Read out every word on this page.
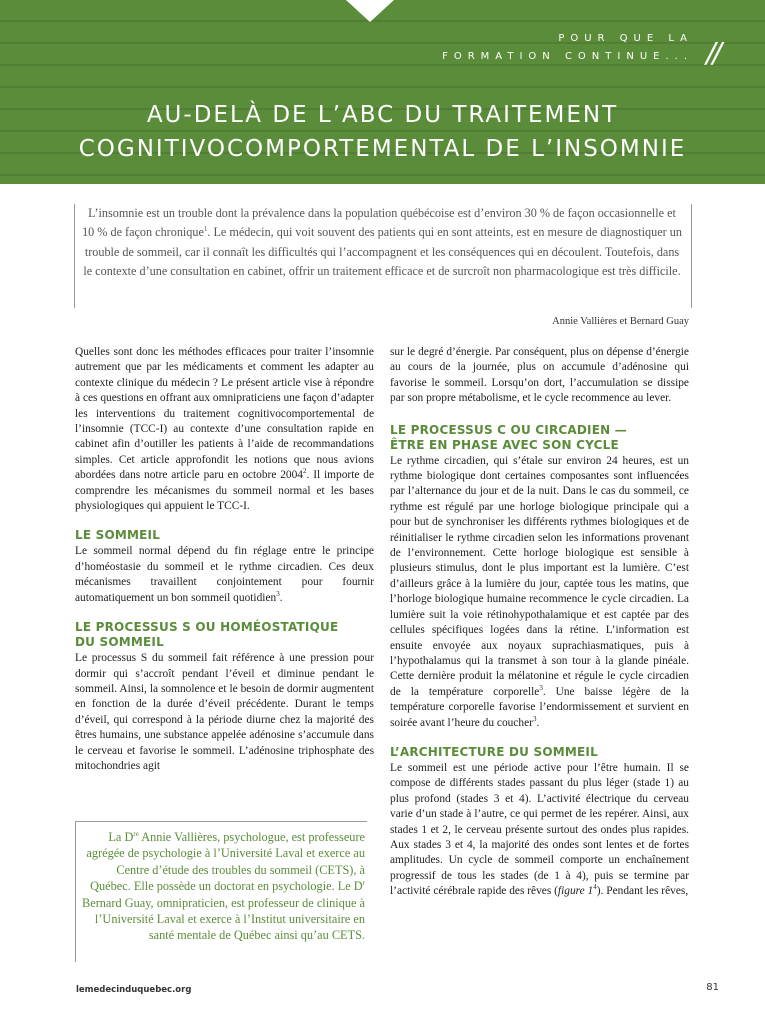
POUR QUE LA
FORMATION CONTINUE... //
AU-DELÀ DE L’ABC DU TRAITEMENT
COGNITIVOCOMPORTEMENTAL DE L’INSOMNIE

L’insomnie est un trouble dont la prévalence dans la population québécoise est d’environ 30 % de façon occasionnelle et 10 % de façon chronique$^1$. Le médecin, qui voit souvent des patients qui en sont atteints, est en mesure de diagnostiquer un trouble de sommeil, car il connaît les difficultés qui l’accompagnent et les conséquences qui en découlent. Toutefois, dans le contexte d’une consultation en cabinet, offrir un traitement efficace et de surcroît non pharmacologique est très difficile.

Annie Vallières et Bernard Guay

Quelles sont donc les méthodes efficaces pour traiter l’insomnie autrement que par les médicaments et comment les adapter au contexte clinique du médecin ? Le présent article vise à répondre à ces questions en offrant aux omnipraticiens une façon d’adapter les interventions du traitement cognitivocomportemental de l’insomnie (TCC-I) au contexte d’une consultation rapide en cabinet afin d’outiller les patients à l’aide de recommandations simples. Cet article approfondit les notions que nous avions abordées dans notre article paru en octobre 2004$^2$. Il importe de comprendre les mécanismes du sommeil normal et les bases physiologiques qui appuient le TCC-I.

LE SOMMEIL

Le sommeil normal dépend du fin réglage entre le principe d’homéostasie du sommeil et le rythme circadien. Ces deux mécanismes travaillent conjointement pour fournir automatiquement un bon sommeil quotidien$^3$.

LE PROCESSUS S OU HOMÉOSTATIQUE
DU SOMMEIL

Le processus S du sommeil fait référence à une pression pour dormir qui s’accroît pendant l’éveil et diminue pendant le sommeil. Ainsi, la somnolence et le besoin de dormir augmentent en fonction de la durée d’éveil précédente. Durant le temps d’éveil, qui correspond à la période diurne chez la majorité des êtres humains, une substance appelée adénosine s’accumule dans le cerveau et favorise le sommeil. L’adénosine triphosphate des mitochondries agit

La Dre Annie Vallières, psychologue, est professeure agrégée de psychologie à l’Université Laval et exerce au Centre d’étude des troubles du sommeil (CETS), à Québec. Elle possède un doctorat en psychologie. Le $D^r$ Bernard Guay, omnipraticien, est professeur de clinique à l’Université Laval et exerce à l’Institut universitaire en santé mentale de Québec ainsi qu’au CETS.

sur le degré d’énergie. Par conséquent, plus on dépense d’énergie au cours de la journée, plus on accumule d’adénosine qui favorise le sommeil. Lorsqu’on dort, l’accumulation se dissipe par son propre métabolisme, et le cycle recommence au lever.

LE PROCESSUS C OU CIRCADIEN —
ÊTRE EN PHASE AVEC SON CYCLE

Le rythme circadien, qui s’étale sur environ 24 heures, est un rythme biologique dont certaines composantes sont influencées par l’alternance du jour et de la nuit. Dans le cas du sommeil, ce rythme est régulé par une horloge biologique principale qui a pour but de synchroniser les différents rythmes biologiques et de réinitialiser le rythme circadien selon les informations provenant de l’environnement. Cette horloge biologique est sensible à plusieurs stimulus, dont le plus important est la lumière. C’est d’ailleurs grâce à la lumière du jour, captée tous les matins, que l’horloge biologique humaine recommence le cycle circadien. La lumière suit la voie rétinohypothalamique et est captée par des cellules spécifiques logées dans la rétine. L’information est ensuite envoyée aux noyaux suprachiasmatiques, puis à l’hypothalamus qui la transmet à son tour à la glande pinéale. Cette dernière produit la mélatonine et régule le cycle circadien de la température corporelle$^3$. Une baisse légère de la température corporelle favorise l’endormissement et survient en soirée avant l’heure du coucher$^3$.

L’ARCHITECTURE DU SOMMEIL

Le sommeil est une période active pour l’être humain. Il se compose de différents stades passant du plus léger (stade 1) au plus profond (stades 3 et 4). L’activité électrique du cerveau varie d’un stade à l’autre, ce qui permet de les repérer. Ainsi, aux stades 1 et 2, le cerveau présente surtout des ondes plus rapides. Aux stades 3 et 4, la majorité des ondes sont lentes et de fortes amplitudes. Un cycle de sommeil comporte un enchaînement progressif de tous les stades (de 1 à 4), puis se termine par l’activité cérébrale rapide des rêves (figure $1^4$). Pendant les rêves,

lemedecinduquebec.org	81
